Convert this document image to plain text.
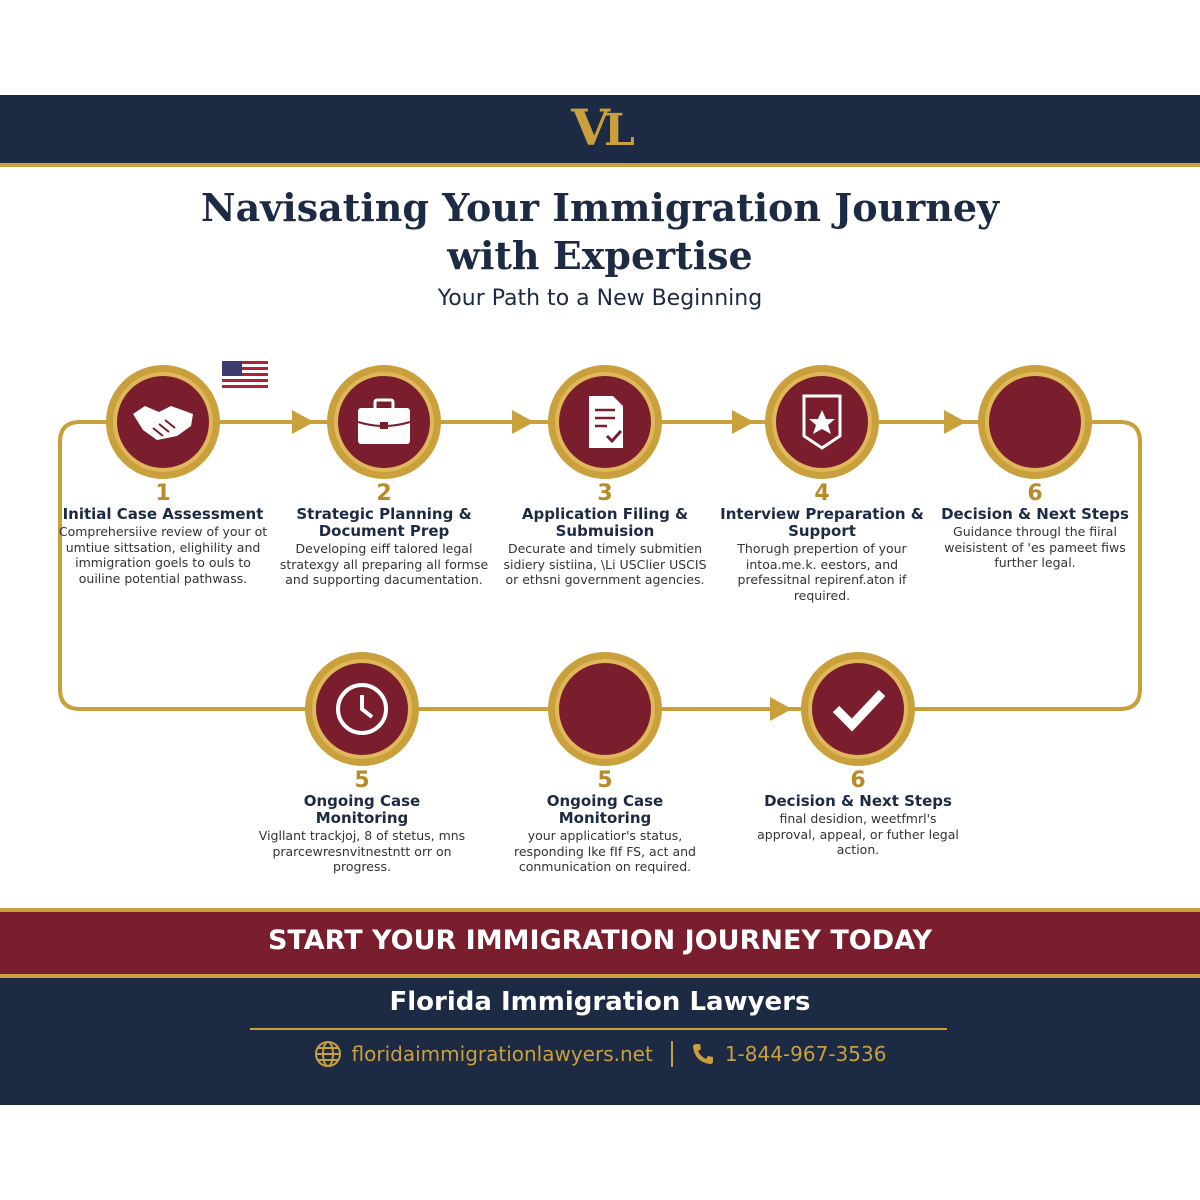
VL
Navisating Your Immigration Journey
with Expertise
Your Path to a New Beginning
1
Initial Case Assessment
Comprehersiive review of your ot umtiue sittsation, elighility and immigration goels to ouls to ouiline potential pathwass.
2
Strategic Planning & Document Prep
Developing eiff talored legal stratexgy all preparing all formse and supporting dacumentation.
3
Application Filing & Submuision
Decurate and timely submitien sidiery sistiina, \Li USClier USCIS or ethsni government agencies.
4
Interview Preparation & Support
Thorugh prepertion of your intoa.me.k. eestors, and prefessitnal repirenf.aton if required.
6
Decision & Next Steps
Guidance througl the fiiral weisistent of 'es pameet fiws further legal.
5
Ongoing Case Monitoring
Vigllant trackjoj, 8 of stetus, mns prarcewresnvitnestntt orr on progress.
5
Ongoing Case Monitoring
your applicatior's status, responding lke fIf FS, act and conmunication on required.
6
Decision & Next Steps
final desidion, weetfmrl's approval, appeal, or futher legal action.
START YOUR IMMIGRATION JOURNEY TODAY
Florida Immigration Lawyers
floridaimmigrationlawyers.net	1-844-967-3536
